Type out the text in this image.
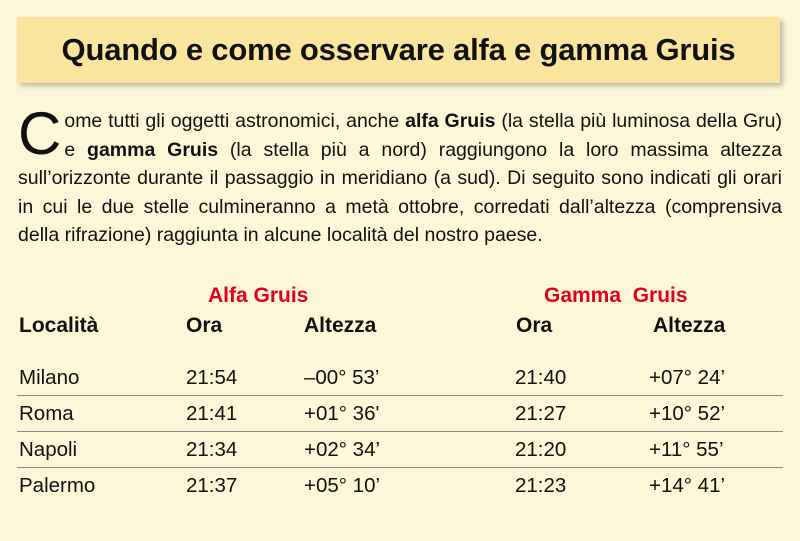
Quando e come osservare alfa e gamma Gruis

Come tutti gli oggetti astronomici, anche alfa Gruis (la stella più luminosa della Gru) e gamma Gruis (la stella più a nord) raggiungono la loro massima altezza sull’orizzonte durante il passaggio in meridiano (a sud). Di seguito sono indicati gli orari in cui le due stelle culmineranno a metà ottobre, corredati dall’altezza (comprensiva della rifrazione) raggiunta in alcune località del nostro paese.

Alfa Gruis	Gamma  Gruis
Località	Ora	Altezza	Ora	Altezza
Milano	21:54	–00° 53’	21:40	+07° 24’
Roma	21:41	+01° 36'	21:27	+10° 52’
Napoli	21:34	+02° 34’	21:20	+11° 55’
Palermo	21:37	+05° 10’	21:23	+14° 41’
